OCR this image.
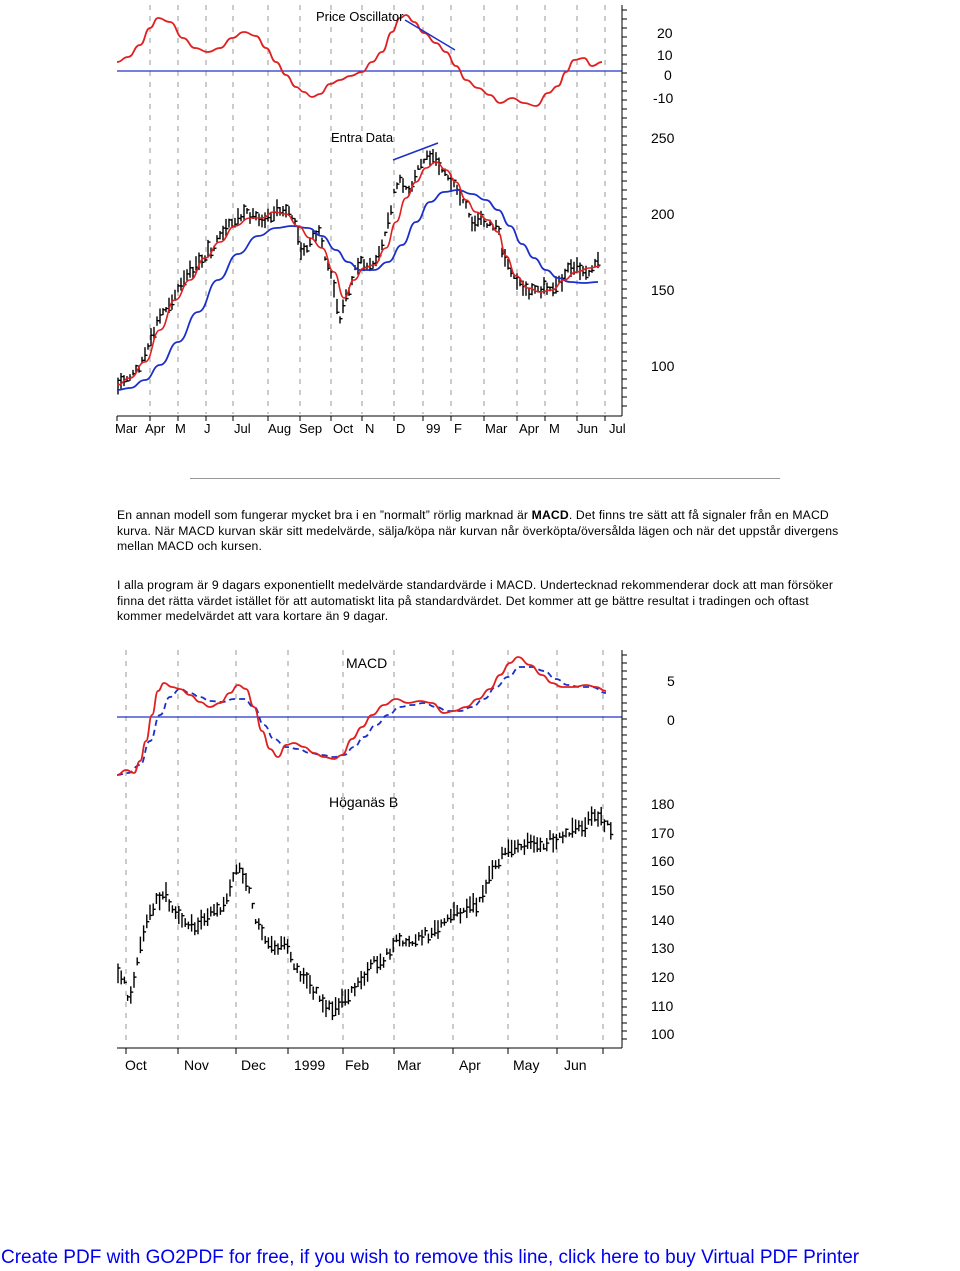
Price Oscillator
Entra Data
20
10
0
-10
250
200
150
100
Mar Apr M J Jul Aug Sep Oct N D 99 F Mar Apr M Jun Jul

En annan modell som fungerar mycket bra i en ”normalt” rörlig marknad är MACD. Det finns tre sätt att få signaler från en MACD kurva. När MACD kurvan skär sitt medelvärde, sälja/köpa när kurvan når överköpta/översålda lägen och när det uppstår divergens mellan MACD och kursen.

I alla program är 9 dagars exponentiellt medelvärde standardvärde i MACD. Undertecknad rekommenderar dock att man försöker finna det rätta värdet istället för att automatiskt lita på standardvärdet. Det kommer att ge bättre resultat i tradingen och oftast kommer medelvärdet att vara kortare än 9 dagar.

MACD
Höganäs B
5
0
180
170
160
150
140
130
120
110
100
Oct	Nov Dec 1999 Feb Mar	Apr May Jun
Create PDF with GO2PDF for free, if you wish to remove this line, click here to buy Virtual PDF Printer
